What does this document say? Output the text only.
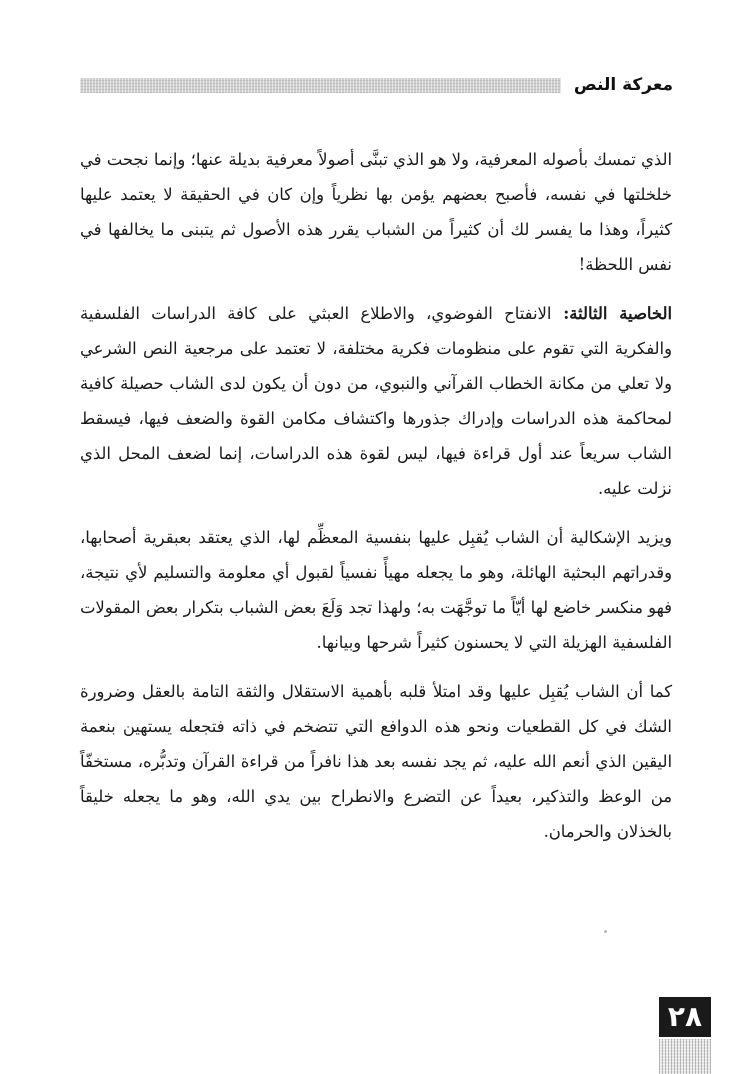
معركة النص

الذي تمسك بأصوله المعرفية، ولا هو الذي تبنَّى أصولاً معرفية بديلة عنها؛ وإنما نجحت في خلخلتها في نفسه، فأصبح بعضهم يؤمن بها نظرياً وإن كان في الحقيقة لا يعتمد عليها كثيراً، وهذا ما يفسر لك أن كثيراً من الشباب يقرر هذه الأصول ثم يتبنى ما يخالفها في نفس اللحظة!

الخاصية الثالثة: الانفتاح الفوضوي، والاطلاع العبثي على كافة الدراسات الفلسفية والفكرية التي تقوم على منظومات فكرية مختلفة، لا تعتمد على مرجعية النص الشرعي ولا تعلي من مكانة الخطاب القرآني والنبوي، من دون أن يكون لدى الشاب حصيلة كافية لمحاكمة هذه الدراسات وإدراك جذورها واكتشاف مكامن القوة والضعف فيها، فيسقط الشاب سريعاً عند أول قراءة فيها، ليس لقوة هذه الدراسات، إنما لضعف المحل الذي نزلت عليه.

ويزيد الإشكالية أن الشاب يُقبِل عليها بنفسية المعظِّم لها، الذي يعتقد بعبقرية أصحابها، وقدراتهم البحثية الهائلة، وهو ما يجعله مهيأً نفسياً لقبول أي معلومة والتسليم لأي نتيجة، فهو منكسر خاضع لها أيّاً ما توجَّهَت به؛ ولهذا تجد وَلَعَ بعض الشباب بتكرار بعض المقولات الفلسفية الهزيلة التي لا يحسنون كثيراً شرحها وبيانها.

كما أن الشاب يُقبِل عليها وقد امتلأ قلبه بأهمية الاستقلال والثقة التامة بالعقل وضرورة الشك في كل القطعيات ونحو هذه الدوافع التي تتضخم في ذاته فتجعله يستهين بنعمة اليقين الذي أنعم الله عليه، ثم يجد نفسه بعد هذا نافراً من قراءة القرآن وتدبُّره، مستخفّاً من الوعظ والتذكير، بعيداً عن التضرع والانطراح بين يدي الله، وهو ما يجعله خليقاً بالخذلان والحرمان.

٢٨
